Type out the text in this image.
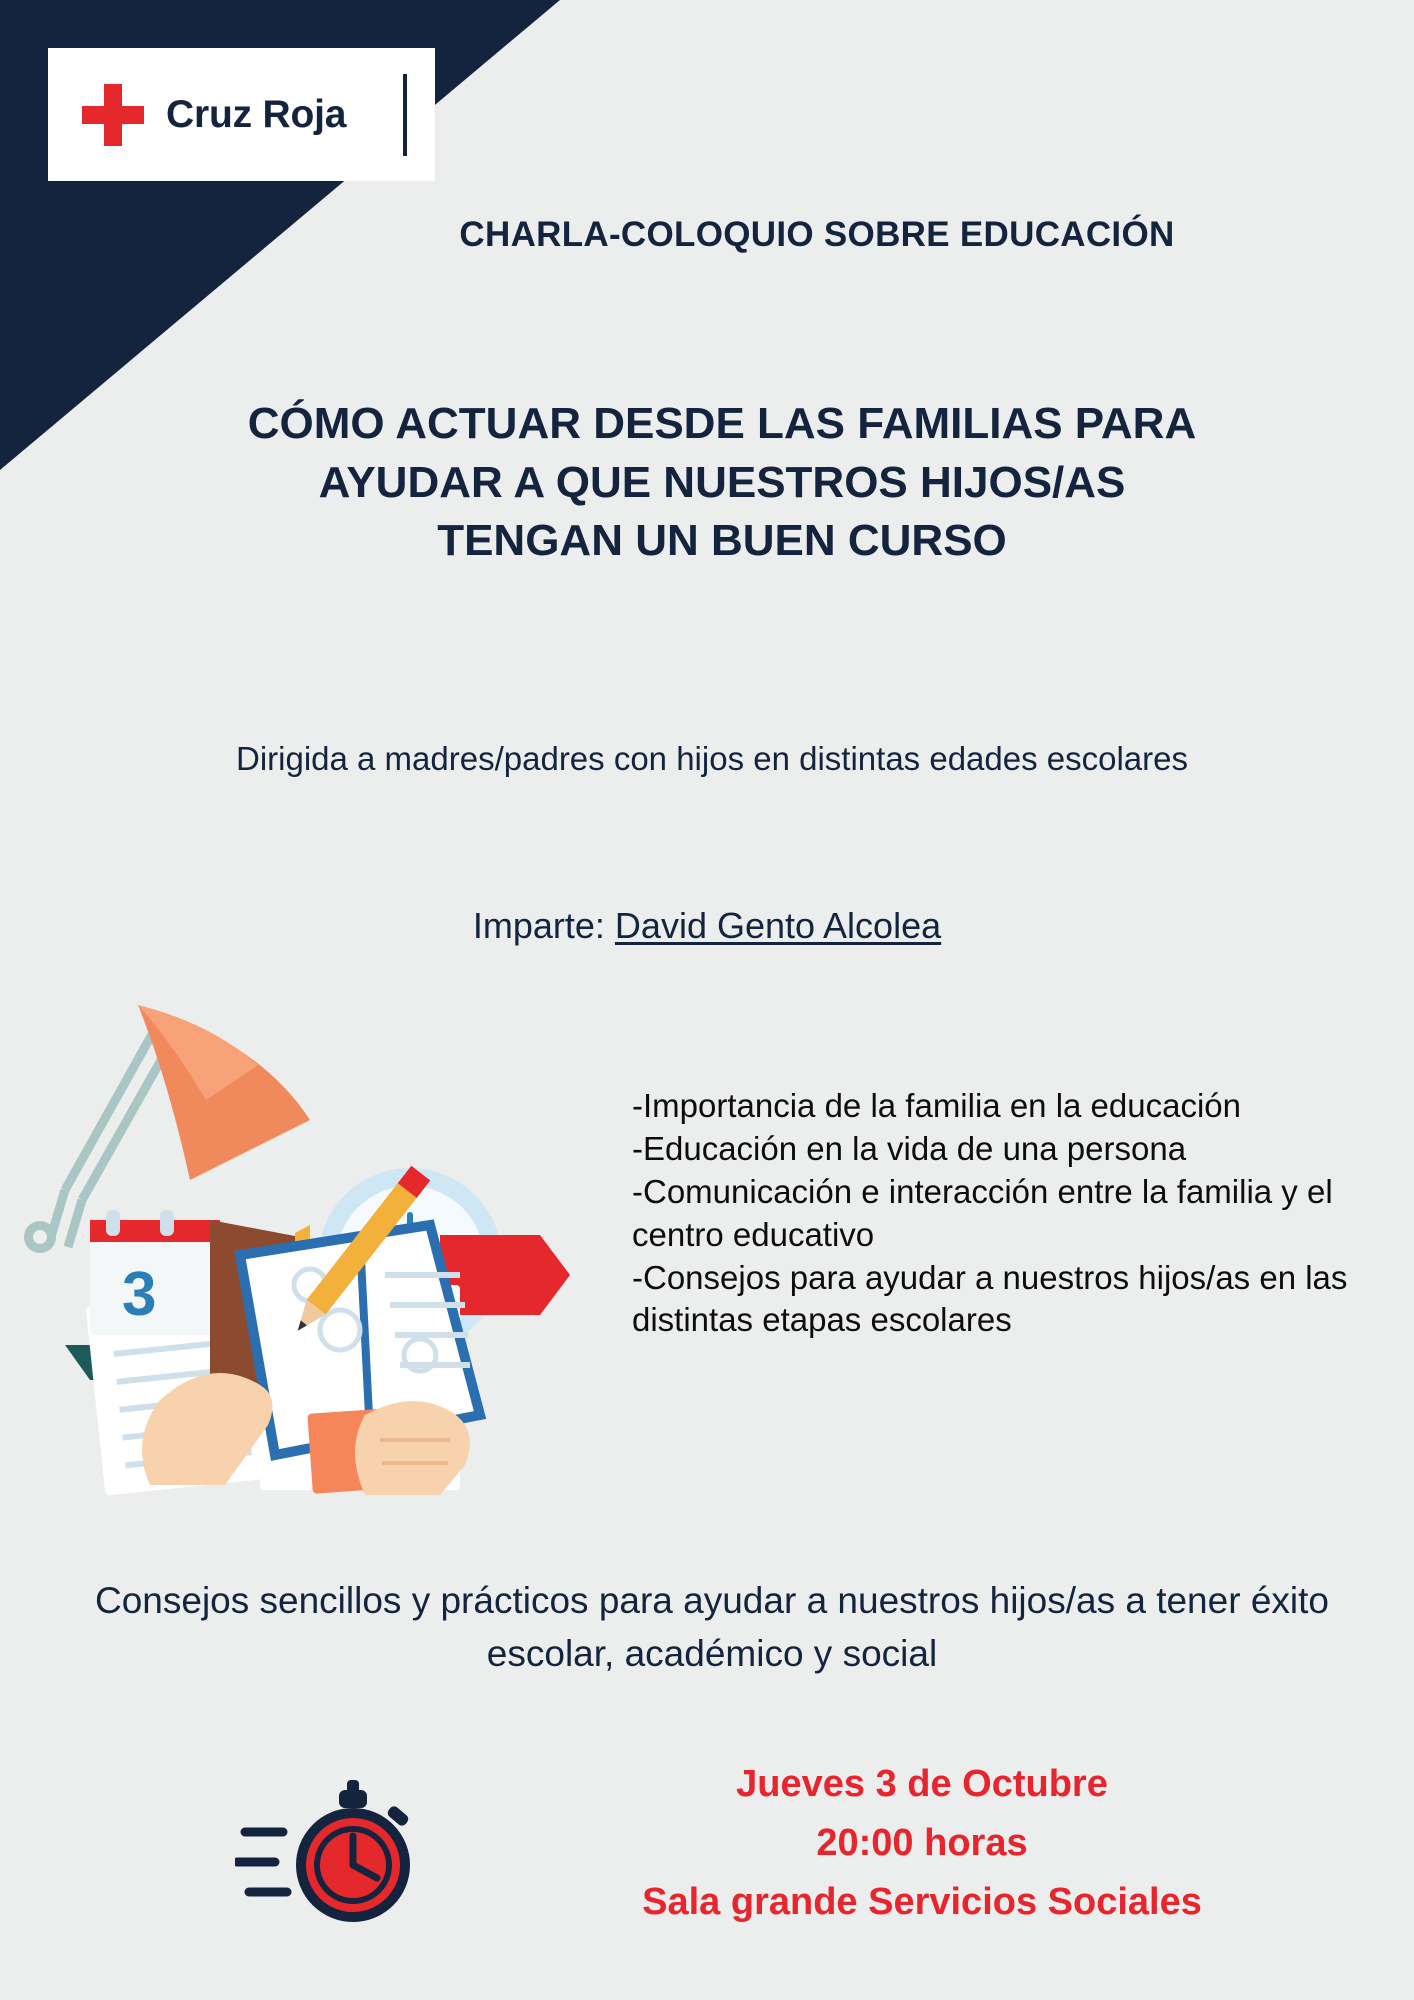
Cruz Roja
CHARLA-COLOQUIO SOBRE EDUCACIÓN
CÓMO ACTUAR DESDE LAS FAMILIAS PARA
AYUDAR A QUE NUESTROS HIJOS/AS
TENGAN UN BUEN CURSO
Dirigida a madres/padres con hijos en distintas edades escolares
Imparte: David Gento Alcolea
3
-Importancia de la familia en la educación
-Educación en la vida de una persona
-Comunicación e interacción entre la familia y el centro educativo
-Consejos para ayudar a nuestros hijos/as en las distintas etapas escolares
Consejos sencillos y prácticos para ayudar a nuestros hijos/as a tener éxito escolar, académico y social
Jueves 3 de Octubre
20:00 horas
Sala grande Servicios Sociales
